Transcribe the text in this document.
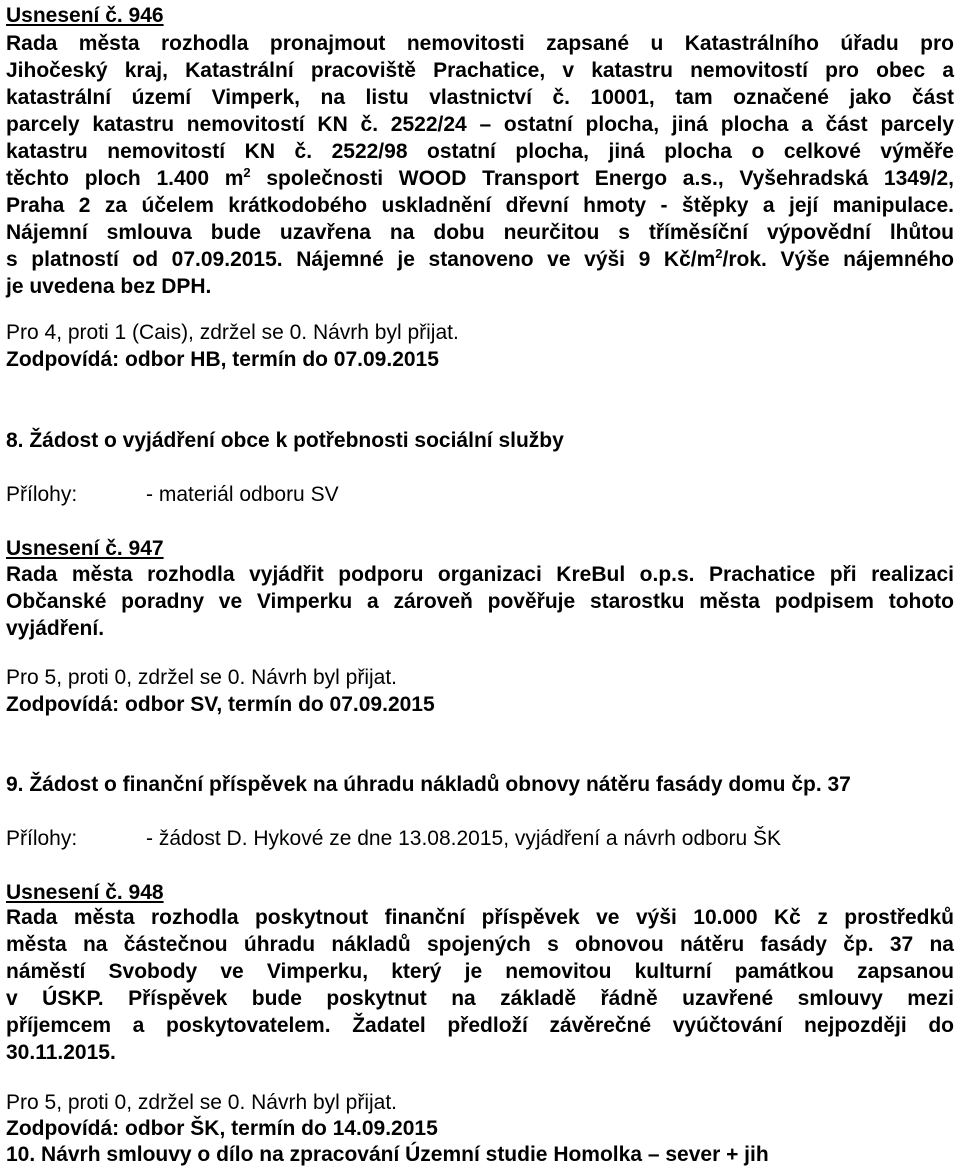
Usnesení č. 946
Rada města rozhodla pronajmout nemovitosti zapsané u Katastrálního úřadu pro
Jihočeský kraj, Katastrální pracoviště Prachatice, v katastru nemovitostí pro obec a
katastrální území Vimperk, na listu vlastnictví č. 10001, tam označené jako část
parcely katastru nemovitostí KN č. 2522/24 – ostatní plocha, jiná plocha a část parcely
katastru nemovitostí KN č. 2522/98 ostatní plocha, jiná plocha o celkové výměře
těchto ploch 1.400 $m^2$ společnosti WOOD Transport Energo a.s., Vyšehradská 1349/2,
Praha 2 za účelem krátkodobého uskladnění dřevní hmoty - štěpky a její manipulace.
Nájemní smlouva bude uzavřena na dobu neurčitou s tříměsíční výpovědní lhůtou
s platností od 07.09.2015. Nájemné je stanoveno ve výši 9 $Kč/m^2$/rok. Výše nájemného
je uvedena bez DPH.
Pro 4, proti 1 (Cais), zdržel se 0. Návrh byl přijat.
Zodpovídá: odbor HB, termín do 07.09.2015
8. Žádost o vyjádření obce k potřebnosti sociální služby
Přílohy:	- materiál odboru SV
Usnesení č. 947
Rada města rozhodla vyjádřit podporu organizaci KreBul o.p.s. Prachatice při realizaci
Občanské poradny ve Vimperku a zároveň pověřuje starostku města podpisem tohoto
vyjádření.
Pro 5, proti 0, zdržel se 0. Návrh byl přijat.
Zodpovídá: odbor SV, termín do 07.09.2015
9. Žádost o finanční příspěvek na úhradu nákladů obnovy nátěru fasády domu čp. 37
Přílohy:	- žádost D. Hykové ze dne 13.08.2015, vyjádření a návrh odboru ŠK
Usnesení č. 948
Rada města rozhodla poskytnout finanční příspěvek ve výši 10.000 Kč z prostředků
města na částečnou úhradu nákladů spojených s obnovou nátěru fasády čp. 37 na
náměstí Svobody ve Vimperku, který je nemovitou kulturní památkou zapsanou
v ÚSKP. Příspěvek bude poskytnut na základě řádně uzavřené smlouvy mezi
příjemcem a poskytovatelem. Žadatel předloží závěrečné vyúčtování nejpozději do
30.11.2015.
Pro 5, proti 0, zdržel se 0. Návrh byl přijat.
Zodpovídá: odbor ŠK, termín do 14.09.2015
10. Návrh smlouvy o dílo na zpracování Územní studie Homolka – sever + jih
